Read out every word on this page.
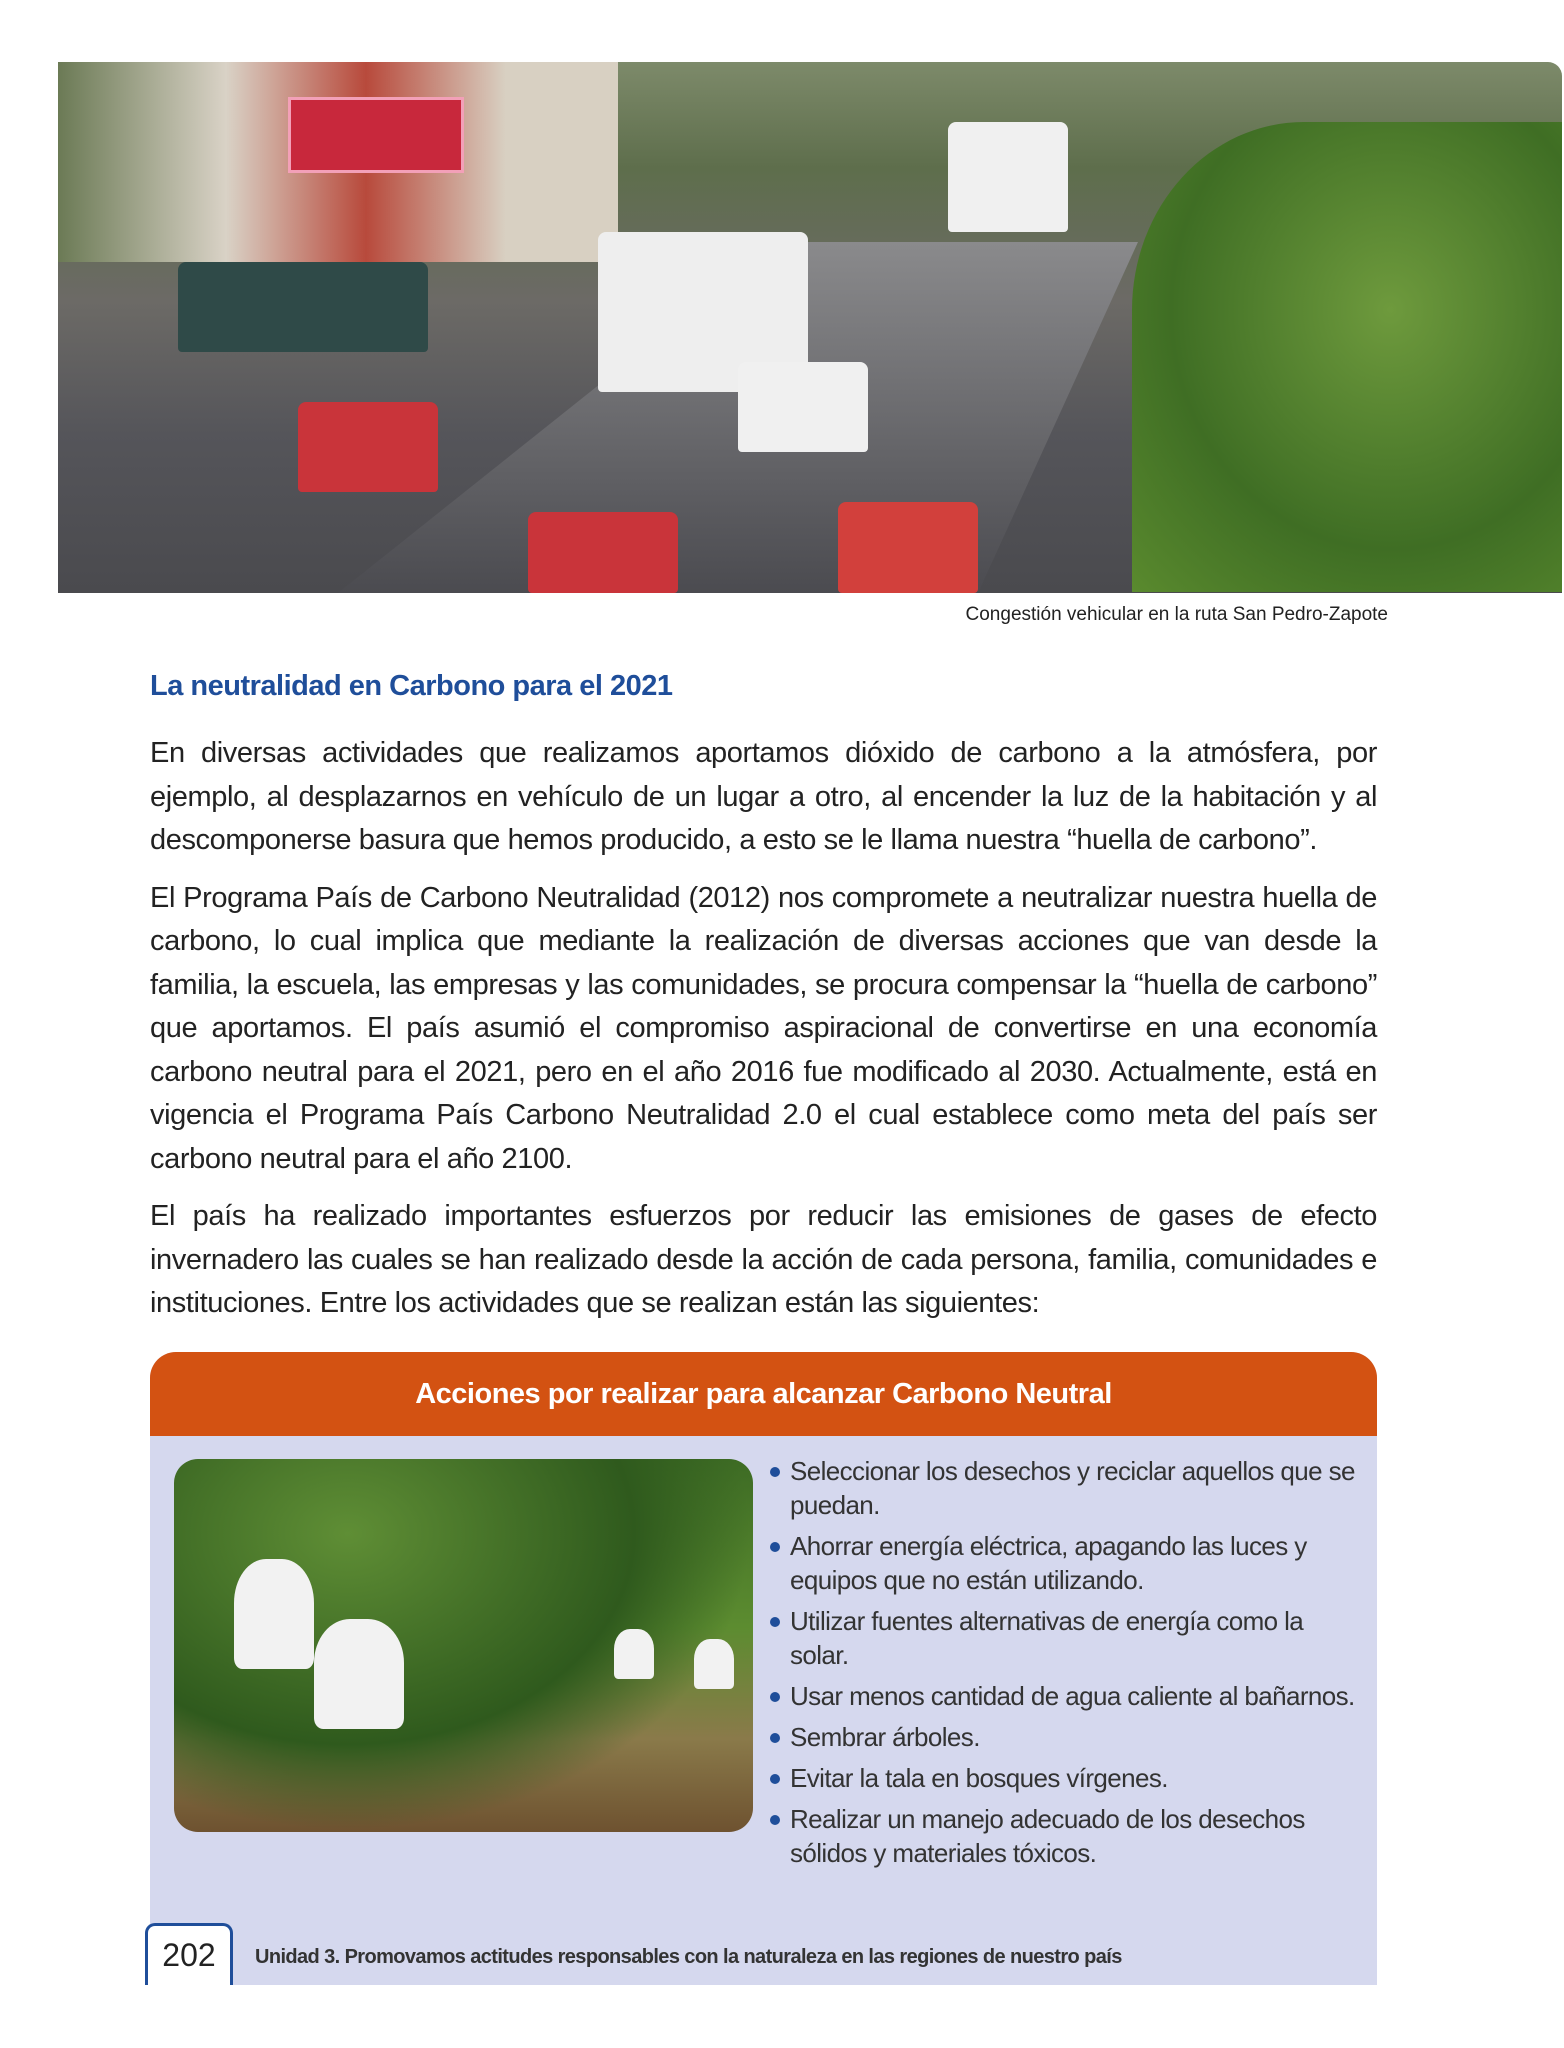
Congestión vehicular en la ruta San Pedro-Zapote
La neutralidad en Carbono para el 2021

En diversas actividades que realizamos aportamos dióxido de carbono a la atmósfera, por ejemplo, al desplazarnos en vehículo de un lugar a otro, al encender la luz de la habitación y al descomponerse basura que hemos producido, a esto se le llama nuestra “huella de carbono”.

El Programa País de Carbono Neutralidad (2012) nos compromete a neutralizar nuestra huella de carbono, lo cual implica que mediante la realización de diversas acciones que van desde la familia, la escuela, las empresas y las comunidades, se procura compensar la “huella de carbono” que aportamos. El país asumió el compromiso aspiracional de convertirse en una economía carbono neutral para el 2021, pero en el año 2016 fue modificado al 2030. Actualmente, está en vigencia el Programa País Carbono Neutralidad 2.0 el cual establece como meta del país ser carbono neutral para el año 2100.

El país ha realizado importantes esfuerzos por reducir las emisiones de gases de efecto invernadero las cuales se han realizado desde la acción de cada persona, familia, comunidades e instituciones. Entre los actividades que se realizan están las siguientes:

Acciones por realizar para alcanzar Carbono Neutral
Seleccionar los desechos y reciclar aquellos que se puedan.
Ahorrar energía eléctrica, apagando las luces y equipos que no están utilizando.
Utilizar fuentes alternativas de energía como la solar.
Usar menos cantidad de agua caliente al bañarnos.
Sembrar árboles.
Evitar la tala en bosques vírgenes.
Realizar un manejo adecuado de los desechos sólidos y materiales tóxicos.
202	Unidad 3. Promovamos actitudes responsables con la naturaleza en las regiones de nuestro país
